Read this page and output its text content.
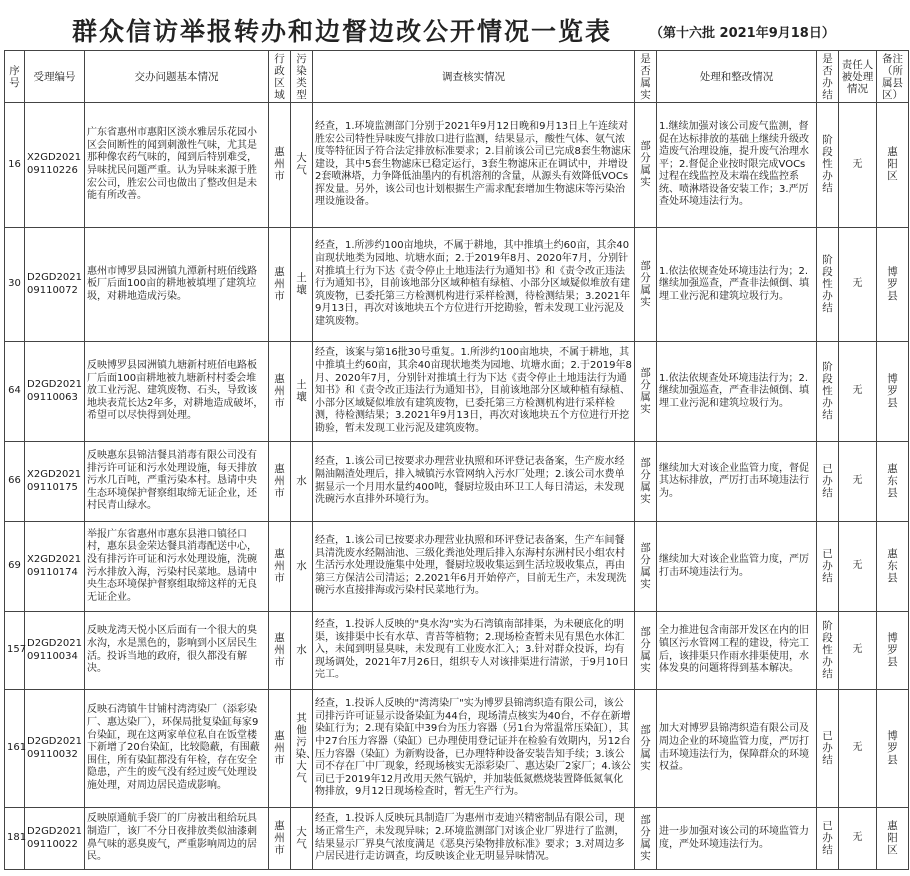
群众信访举报转办和边督边改公开情况一览表	（第十六批 2021年9月18日）
序号	受理编号	交办问题基本情况	行政区域	污染类型	调查核实情况	是否属实	处理和整改情况	是否办结	责任人被处理情况	备注（所属县区）

16	X2GD202109110226	广东省惠州市惠阳区淡水雅居乐花园小区会间断性的闻到刺激性气味，尤其是那种像农药气味的，闻到后特别难受，异味扰民问题严重。认为异味来源于胜宏公司，胜宏公司也做出了整改但是未能有所改善。	惠州市	大气	经查，1.环境监测部门分别于2021年9月12日晚和9月13日上午连续对胜宏公司特性异味废气排放口进行监测，结果显示，酸性气体、氨气浓度等特征因子符合法定排放标准要求；2.目前该公司已完成8套生物滤床建设，其中5套生物滤床已稳定运行，3套生物滤床正在调试中，并增设2套喷淋塔，力争降低油墨内的有机溶剂的含量，从源头有效降低VOCs挥发量。另外，该公司也计划根据生产需求配套增加生物滤床等污染治理设施设备。	部分属实	1.继续加强对该公司废气监测，督促在达标排放的基础上继续升级改造废气治理设施，提升废气治理水平；2.督促企业按时限完成VOCs过程在线监控及末端在线监控系统、喷淋塔设备安装工作；3.严厉查处环境违法行为。	阶段性办结	无	惠阳区
30	D2GD202109110072	惠州市博罗县园洲镇九潭新村班佰线路板厂后面100亩的耕地被填埋了建筑垃圾，对耕地造成污染。	惠州市	土壤	经查，1.所涉约100亩地块，不属于耕地，其中推填土约60亩，其余40亩现状地类为园地、坑塘水面；2.于2019年8月、2020年7月，分别针对推填土行为下达《责令停止土地违法行为通知书》和《责令改正违法行为通知书》，目前该地部分区域种植有绿植、小部分区域疑似堆放有建筑废物，已委托第三方检测机构进行采样检测，待检测结果；3.2021年9月13日，再次对该地块五个方位进行开挖勘验，暂未发现工业污泥及建筑废物。	部分属实	1.依法依规查处环境违法行为；2.继续加强巡查，严查非法倾倒、填埋工业污泥和建筑垃圾行为。	阶段性办结	无	博罗县
64	D2GD202109110063	反映博罗县园洲镇九塘新村班佰电路板厂后面100亩耕地被九塘新村村委会堆放工业污泥、建筑废物、石头，导致该地块表荒长达2年多，对耕地造成破坏，希望可以尽快得到处理。	惠州市	土壤	经查，该案与第16批30号重复。1.所涉约100亩地块，不属于耕地，其中推填土约60亩，其余40亩现状地类为园地、坑塘水面；2.于2019年8月、2020年7月，分别针对推填土行为下达《责令停止土地违法行为通知书》和《责令改正违法行为通知书》，目前该地部分区域种植有绿植、小部分区域疑似堆放有建筑废物，已委托第三方检测机构进行采样检测，待检测结果；3.2021年9月13日，再次对该地块五个方位进行开挖勘验，暂未发现工业污泥及建筑废物。	部分属实	1.依法依规查处环境违法行为；2.继续加强巡查，严查非法倾倒、填埋工业污泥和建筑垃圾行为。	阶段性办结	无	博罗县
66	X2GD202109110175	反映惠东县锦洁餐具消毒有限公司没有排污许可证和污水处理设施，每天排放污水几百吨，严重污染本村。恳请中央生态环境保护督察组取缔无证企业，还村民青山绿水。	惠州市	水	经查，1.该公司已按要求办理营业执照和环评登记表备案，生产废水经隔油隔渣处理后，排入城镇污水管网纳入污水厂处理；2.该公司水费单据显示一个月用水量约400吨，餐厨垃圾由环卫工人每日清运，未发现洗碗污水直排外环境行为。	部分属实	继续加大对该企业监管力度，督促其达标排放，严厉打击环境违法行为。	已办结	无	惠东县
69	X2GD202109110174	举报广东省惠州市惠东县港口镇径口村，惠东县金荣达餐具消毒配送中心，没有排污许可证和污水处理设施，洗碗污水排放入海，污染村民菜地。恳请中央生态环境保护督察组取缔这样的无良无证企业。	惠州市	水	经查，1.该公司已按要求办理营业执照和环评登记表备案，生产车间餐具清洗废水经隔油池、三级化粪池处理后排入东海村东洲村民小组农村生活污水处理设施集中处理，餐厨垃圾收集运到生活垃圾收集点，再由第三方保洁公司清运；2.2021年6月开始停产，目前无生产，未发现洗碗污水直接排海或污染村民菜地行为。	部分属实	继续加大对该企业监管力度，严厉打击环境违法行为。	已办结	无	惠东县
157	D2GD202109110034	反映龙湾天悦小区后面有一个很大的臭水沟，水是黑色的，影响到小区居民生活。投诉当地的政府，很久都没有解决。	惠州市	水	经查，1.投诉人反映的"臭水沟"实为石湾镇南部排渠，为未硬底化的明渠，该排渠中长有水草、青苔等植物；2.现场检查暂未见有黑色水体汇入，未闻到明显臭味，未发现有工业废水汇入；3.针对群众投诉，均有现场调处，2021年7月26日，组织专人对该排渠进行清淤，于9月10日完工。	部分属实	全力推进包含南部开发区在内的旧镇区污水管网工程的建设，待完工后，该排渠只作雨水排渠使用，水体发臭的问题将得到基本解决。	阶段性办结	无	博罗县
161	D2GD202109110032	反映石湾镇牛甘铺村湾湾染厂（添彩染厂、惠达染厂），环保局批复染缸每家9台染缸，现在这两家单位私自在饭堂楼下新增了20台染缸，比较隐蔽，有围蔽围住，所有染缸都没有年检，存在安全隐患，产生的废气没有经过废气处理设施处理，对周边居民造成影响。	惠州市	其他污染、大气	经查，1.投诉人反映的"湾湾染厂"实为博罗县锦湾织造有限公司，该公司排污许可证显示设备染缸为44台，现场清点核实为40台，不存在新增染缸行为；2.现有染缸中39台为压力容器（另1台为常温常压染缸），其中27台压力容器（染缸）已办理使用登记证并在检验有效期内，另12台压力容器（染缸）为新购设备，已办理特种设备安装告知手续；3.该公司不存在厂中厂现象，经现场核实无添彩染厂、惠达染厂2家厂；4.该公司已于2019年12月改用天然气锅炉，并加装低氮燃烧装置降低氮氧化物排放，9月12日现场检查时，暂无生产行为。	部分属实	加大对博罗县锦湾织造有限公司及周边企业的环境监管力度，严厉打击环境违法行为，保障群众的环境权益。	已办结	无	博罗县
181	D2GD202109110022	反映原通航手袋厂的厂房被出租给玩具制造厂，该厂不分日夜排放类似油漆刺鼻气味的恶臭废气，严重影响周边的居民。	惠州市	大气	经查，1.投诉人反映玩具制造厂为惠州市麦迪兴精密制品有限公司，现场正常生产，未发现异味；2.环境监测部门对该企业厂界进行了监测，结果显示厂界臭气浓度满足《恶臭污染物排放标准》要求；3.对周边多户居民进行走访调查，均反映该企业无明显异味情况。	部分属实	进一步加强对该公司的环境监管力度，严处环境违法行为。	已办结	无	惠阳区
